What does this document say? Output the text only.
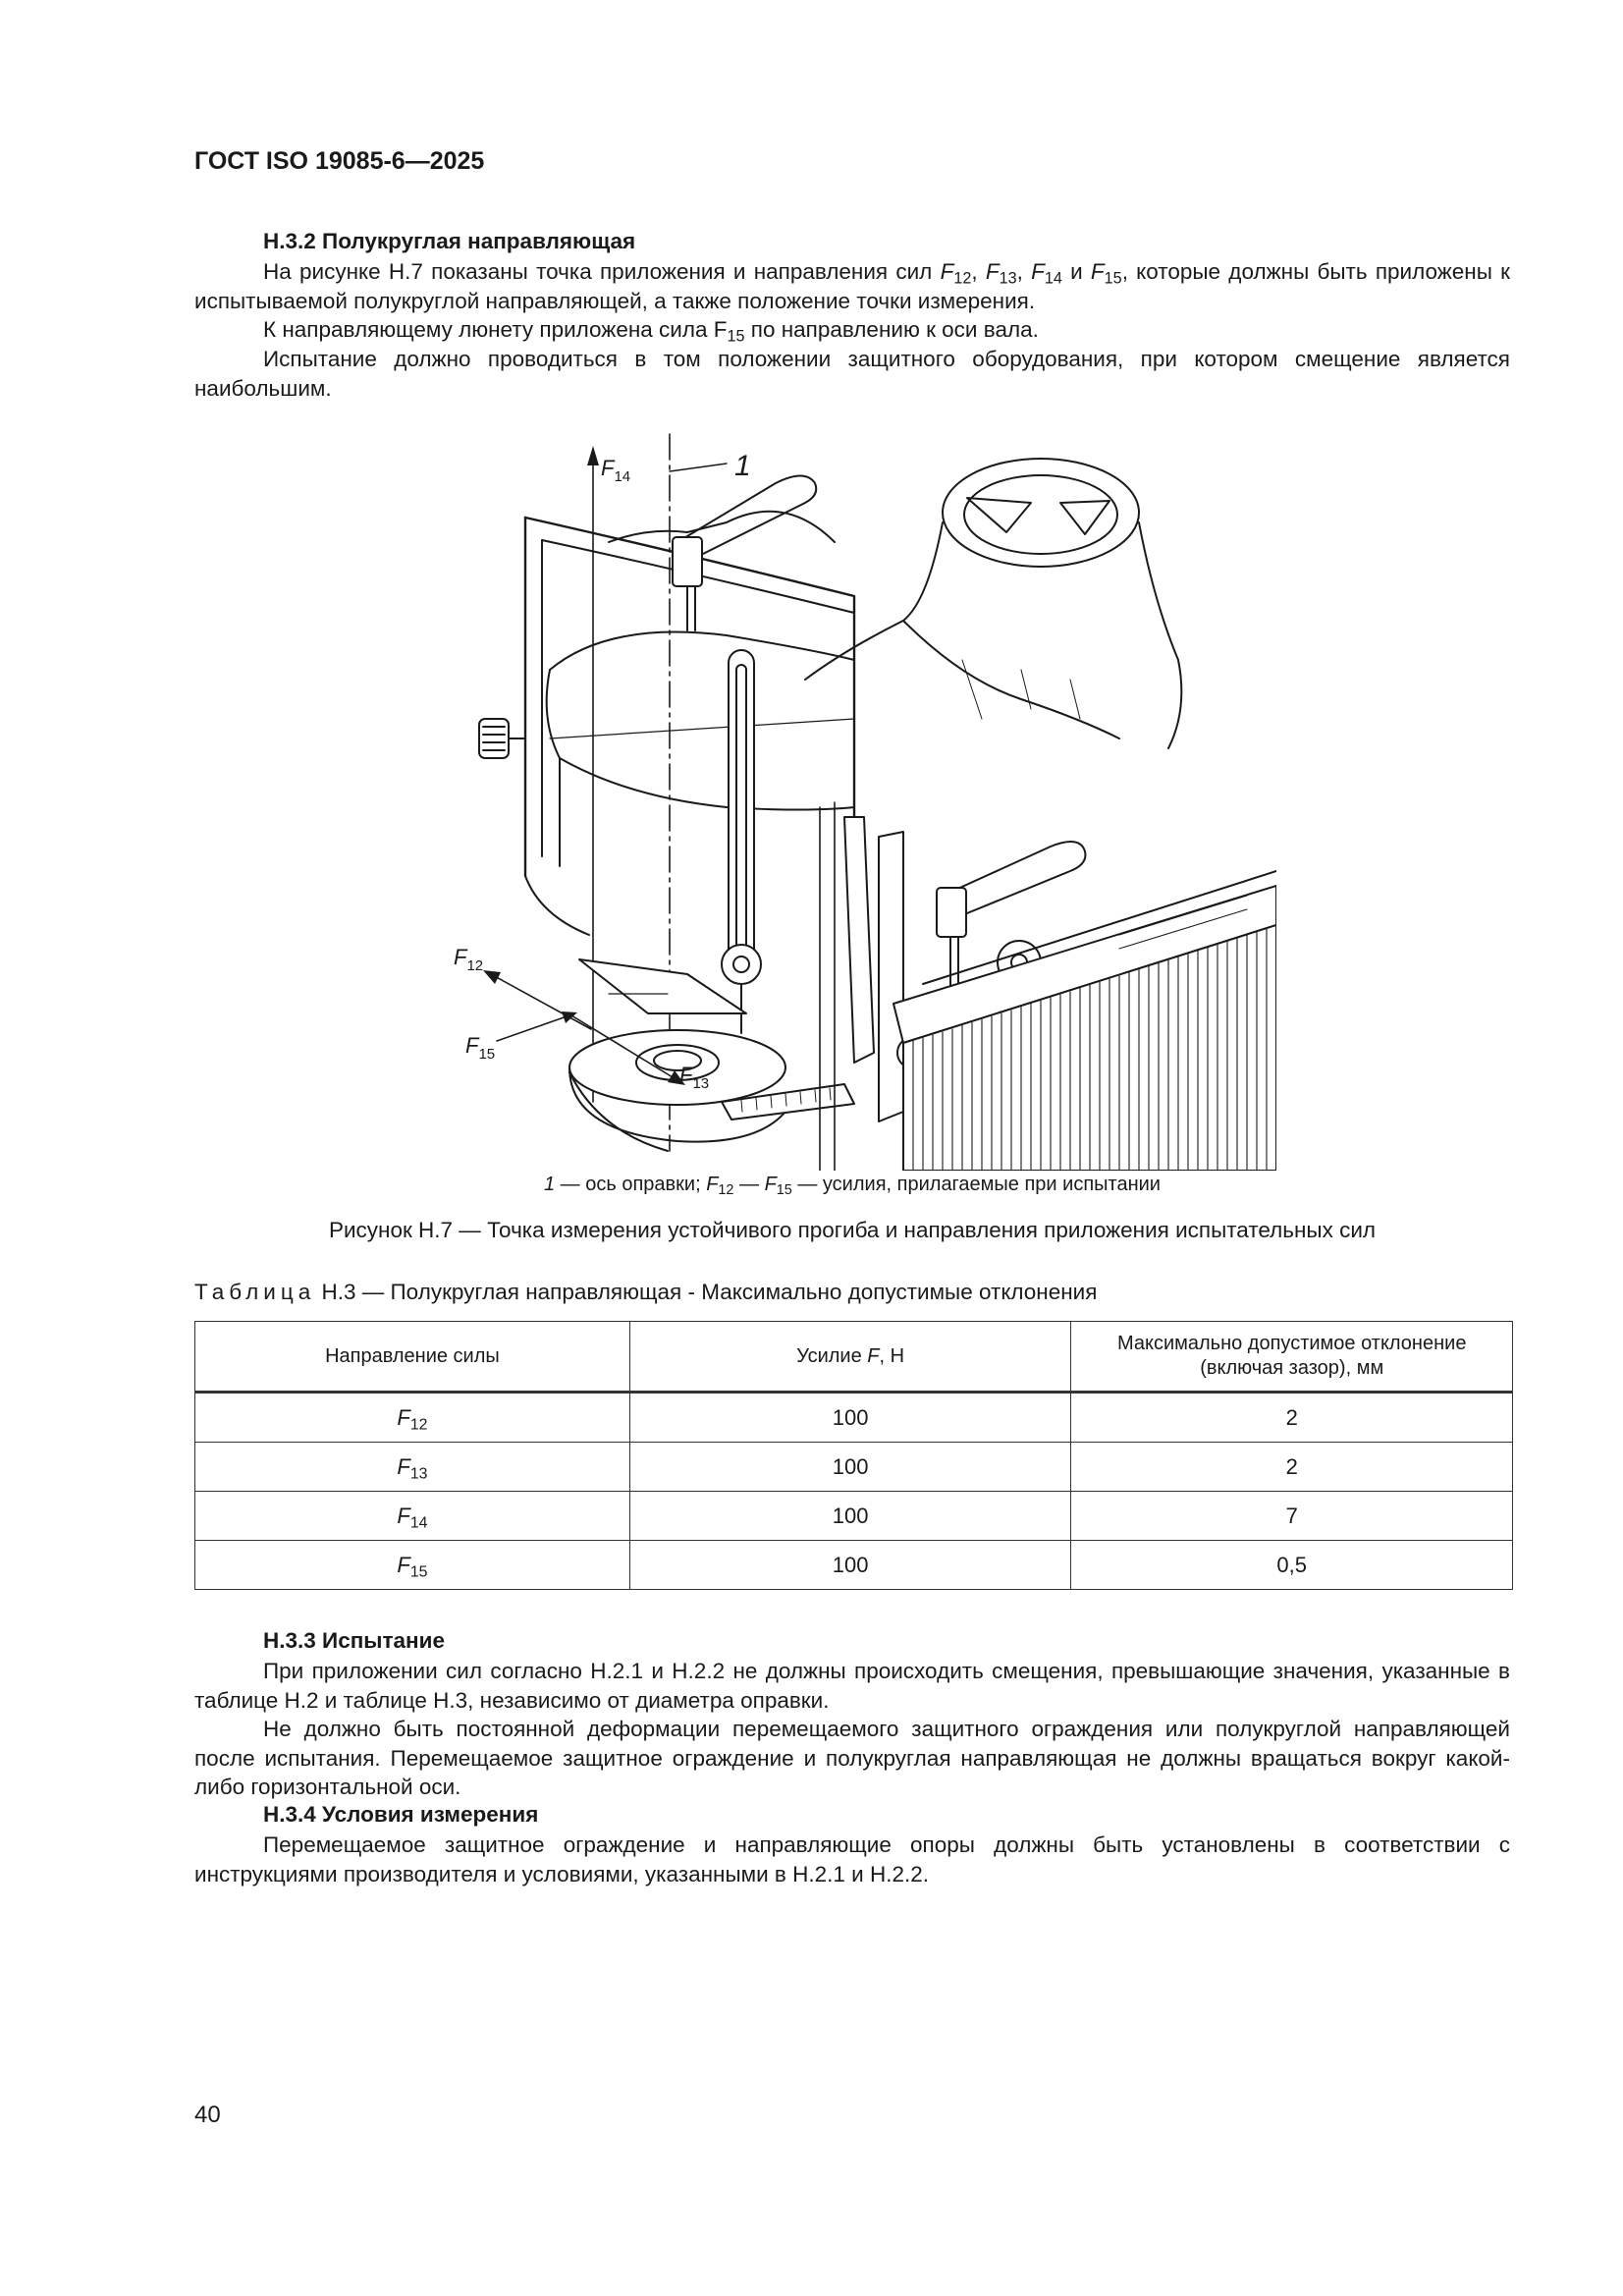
ГОСТ ISO 19085-6—2025

Н.3.2 Полукруглая направляющая

На рисунке Н.7 показаны точка приложения и направления сил $F_{12}$, $F_{13}$, $F_{14}$ и $F_{15}$, которые должны быть приложены к испытываемой полукруглой направляющей, а также положение точки измерения.

К направляющему люнету приложена сила $F_{15}$ по направлению к оси вала.

Испытание должно проводиться в том положении защитного оборудования, при котором смещение является наибольшим.

1
$F_{14}$
$F_{12}$
$F_{15}$
$F_{13}$

1 — ось оправки; $F_{12}$ — $F_{15}$ — усилия, прилагаемые при испытании

Рисунок Н.7 — Точка измерения устойчивого прогиба и направления приложения испытательных сил

Таблица Н.3 — Полукруглая направляющая - Максимально допустимые отклонения

Направление силы	Усилие F, Н	Максимально допустимое отклонение
(включая зазор), мм
$F_{12}$	100	2
$F_{13}$	100	2
$F_{14}$	100	7
$F_{15}$	100	0,5

Н.3.3 Испытание

При приложении сил согласно Н.2.1 и Н.2.2 не должны происходить смещения, превышающие значения, указанные в таблице Н.2 и таблице Н.3, независимо от диаметра оправки.

Не должно быть постоянной деформации перемещаемого защитного ограждения или полукруглой направляющей после испытания. Перемещаемое защитное ограждение и полукруглая направляющая не должны вращаться вокруг какой-либо горизонтальной оси.

Н.3.4 Условия измерения

Перемещаемое защитное ограждение и направляющие опоры должны быть установлены в соответствии с инструкциями производителя и условиями, указанными в Н.2.1 и Н.2.2.

40
